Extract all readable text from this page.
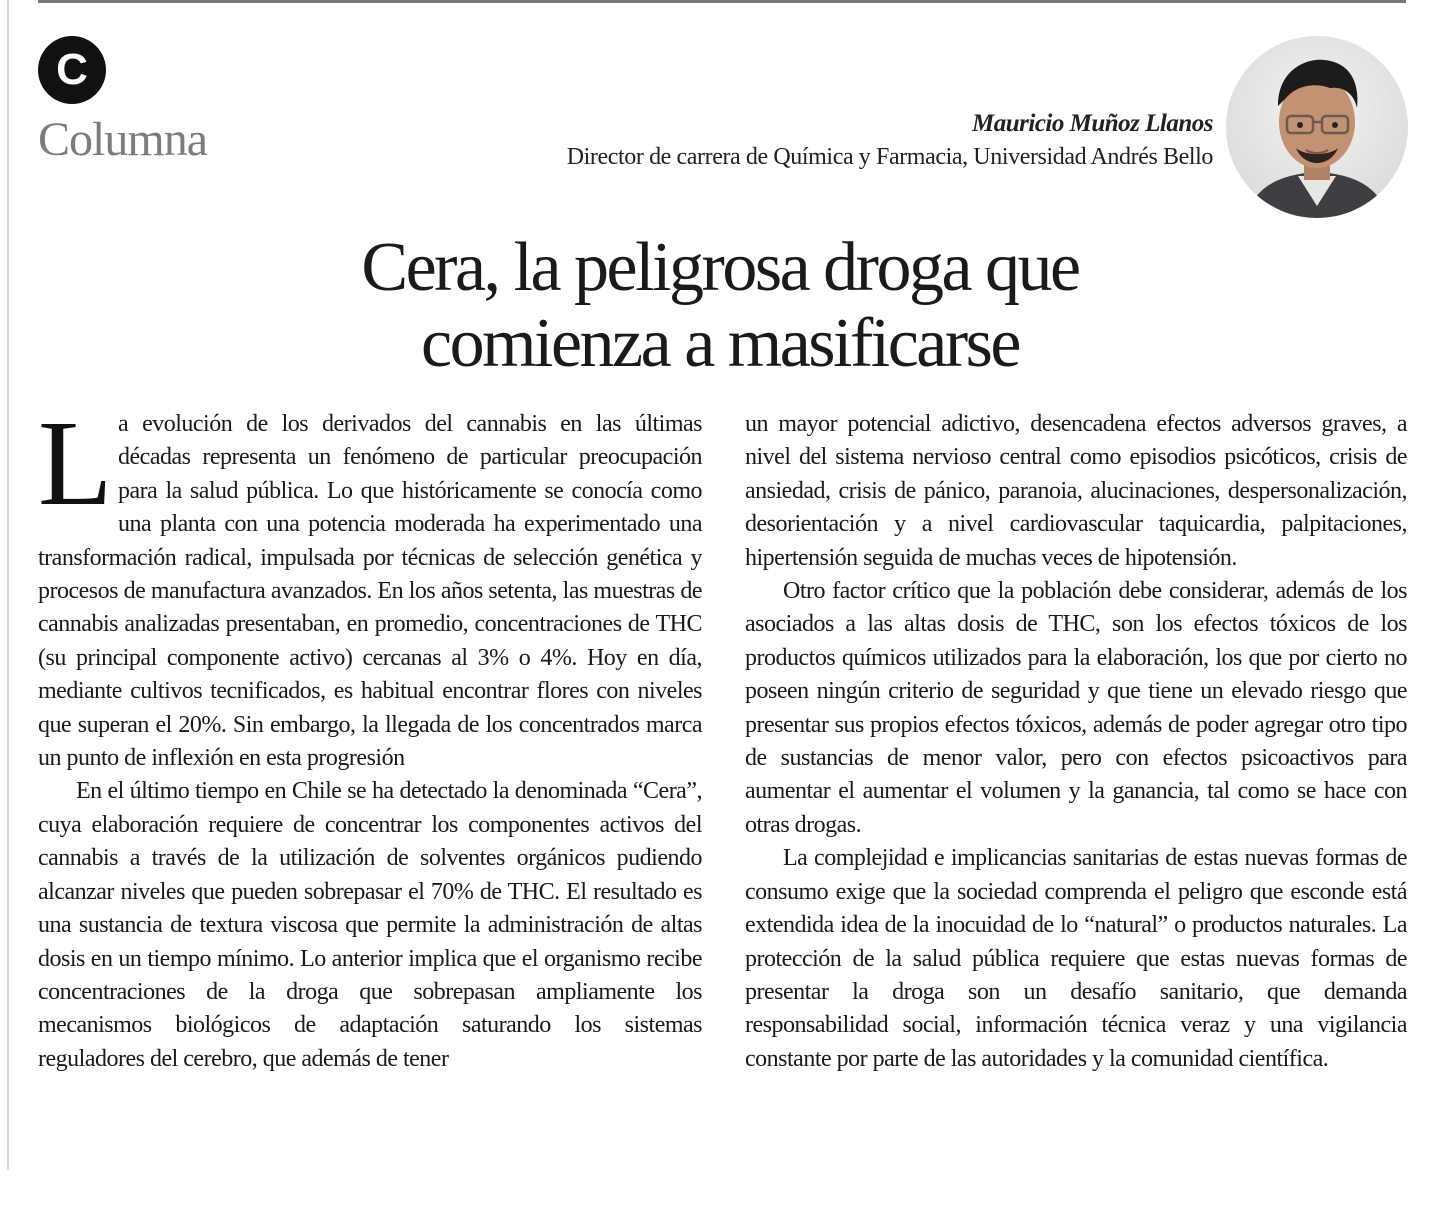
C
Columna	Mauricio Muñoz Llanos
Director de carrera de Química y Farmacia, Universidad Andrés Bello
Cera, la peligrosa droga que
comienza a masificarse

La evolución de los derivados del cannabis en las últimas décadas representa un fenómeno de particular preocupación para la salud pública. Lo que históricamente se conocía como una planta con una potencia moderada ha experimentado una transformación radical, impulsada por técnicas de selección genética y procesos de manufactura avanzados. En los años setenta, las muestras de cannabis analizadas presentaban, en promedio, concentraciones de THC (su principal componente activo) cercanas al 3% o 4%. Hoy en día, mediante cultivos tecnificados, es habitual encontrar flores con niveles que superan el 20%. Sin embargo, la llegada de los concentrados marca un punto de inflexión en esta progresión

En el último tiempo en Chile se ha detectado la denominada “Cera”, cuya elaboración requiere de concentrar los componentes activos del cannabis a través de la utilización de solventes orgánicos pudiendo alcanzar niveles que pueden sobrepasar el 70% de THC. El resultado es una sustancia de textura viscosa que permite la administración de altas dosis en un tiempo mínimo. Lo anterior implica que el organismo recibe concentraciones de la droga que sobrepasan ampliamente los mecanismos biológicos de adaptación saturando los sistemas reguladores del cerebro, que además de tener

un mayor potencial adictivo, desencadena efectos adversos graves, a nivel del sistema nervioso central como episodios psicóticos, crisis de ansiedad, crisis de pánico, paranoia, alucinaciones, despersonalización, desorientación y a nivel cardiovascular taquicardia, palpitaciones, hipertensión seguida de muchas veces de hipotensión.

Otro factor crítico que la población debe considerar, además de los asociados a las altas dosis de THC, son los efectos tóxicos de los productos químicos utilizados para la elaboración, los que por cierto no poseen ningún criterio de seguridad y que tiene un elevado riesgo que presentar sus propios efectos tóxicos, además de poder agregar otro tipo de sustancias de menor valor, pero con efectos psicoactivos para aumentar el aumentar el volumen y la ganancia, tal como se hace con otras drogas.

La complejidad e implicancias sanitarias de estas nuevas formas de consumo exige que la sociedad comprenda el peligro que esconde está extendida idea de la inocuidad de lo “natural” o productos naturales. La protección de la salud pública requiere que estas nuevas formas de presentar la droga son un desafío sanitario, que demanda responsabilidad social, información técnica veraz y una vigilancia constante por parte de las autoridades y la comunidad científica.
